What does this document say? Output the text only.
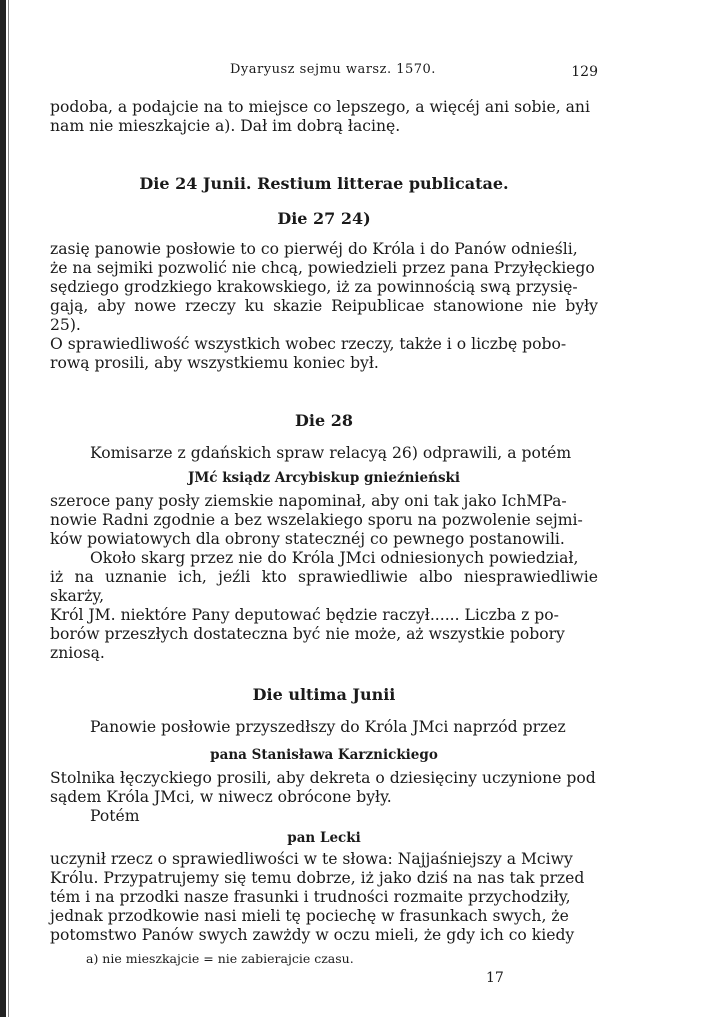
Dyaryusz sejmu warsz. 1570.	129

podoba, a podajcie na to miejsce co lepszego, a więcéj ani sobie, ani
nam nie mieszkajcie a). Dał im dobrą łacinę.

Die 24 Junii. Restium litterae publicatae.
Die 27 24)

zasię panowie posłowie to co pierwéj do Króla i do Panów odnieśli,
że na sejmiki pozwolić nie chcą, powiedzieli przez pana Przyłęckiego
sędziego grodzkiego krakowskiego, iż za powinnością swą przysię-
gają, aby nowe rzeczy ku skazie Reipublicae stanowione nie były 25).
O sprawiedliwość wszystkich wobec rzeczy, także i o liczbę pobo-
rową prosili, aby wszystkiemu koniec był.

Die 28

Komisarze z gdańskich spraw relacyą 26) odprawili, a potém

JMć ksiądz Arcybiskup gnieźnieński

szeroce pany posły ziemskie napominał, aby oni tak jako IchMPa-
nowie Radni zgodnie a bez wszelakiego sporu na pozwolenie sejmi-
ków powiatowych dla obrony statecznéj co pewnego postanowili.
Około skarg przez nie do Króla JMci odniesionych powiedział,
iż na uznanie ich, jeźli kto sprawiedliwie albo niesprawiedliwie skarży,
Król JM. niektóre Pany deputować będzie raczył...... Liczba z po-
borów przeszłych dostateczna być nie może, aż wszystkie pobory
zniosą.

Die ultima Junii

Panowie posłowie przyszedłszy do Króla JMci naprzód przez

pana Stanisława Karznickiego

Stolnika łęczyckiego prosili, aby dekreta o dziesięciny uczynione pod
sądem Króla JMci, w niwecz obrócone były.
Potém

pan Lecki

uczynił rzecz o sprawiedliwości w te słowa: Najjaśniejszy a Mciwy
Królu. Przypatrujemy się temu dobrze, iż jako dziś na nas tak przed
tém i na przodki nasze frasunki i trudności rozmaite przychodziły,
jednak przodkowie nasi mieli tę pociechę w frasunkach swych, że
potomstwo Panów swych zawżdy w oczu mieli, że gdy ich co kiedy

a) nie mieszkajcie = nie zabierajcie czasu.
17
